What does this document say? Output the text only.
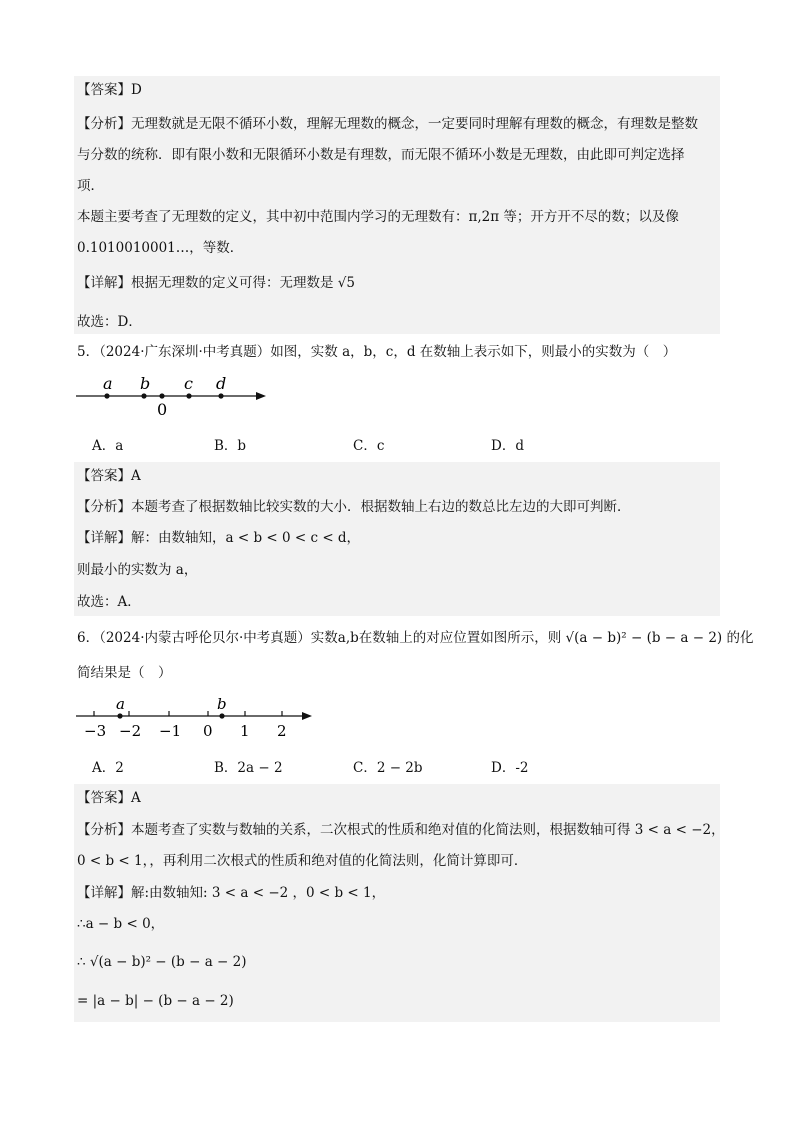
【答案】D
【分析】无理数就是无限不循环小数，理解无理数的概念，一定要同时理解有理数的概念，有理数是整数
与分数的统称．即有限小数和无限循环小数是有理数，而无限不循环小数是无理数，由此即可判定选择
项．
本题主要考查了无理数的定义，其中初中范围内学习的无理数有：π,2π 等；开方开不尽的数；以及像
0.1010010001…，等数．
【详解】根据无理数的定义可得：无理数是 √5
故选：D．
5．（2024·广东深圳·中考真题）如图，实数 a，b，c，d 在数轴上表示如下，则最小的实数为（　）
a b c d
0
A．a	B．b	C．c	D．d
【答案】A
【分析】本题考查了根据数轴比较实数的大小．根据数轴上右边的数总比左边的大即可判断．
【详解】解：由数轴知，a < b < 0 < c < d，
则最小的实数为 a，
故选：A．
6．（2024·内蒙古呼伦贝尔·中考真题）实数a,b在数轴上的对应位置如图所示，则 √(a − b)² − (b − a − 2) 的化
简结果是（　）
a	b
−3 −2 −1 0 1 2
A．2	B．2a − 2	C．2 − 2b	D．-2
【答案】A
【分析】本题考查了实数与数轴的关系，二次根式的性质和绝对值的化简法则，根据数轴可得 3 < a < −2，
0 < b < 1，，再利用二次根式的性质和绝对值的化简法则，化简计算即可．
【详解】解:由数轴知: 3 < a < −2 ，0 < b < 1，
∴a − b < 0，
∴ √(a − b)² − (b − a − 2)
= |a − b| − (b − a − 2)
